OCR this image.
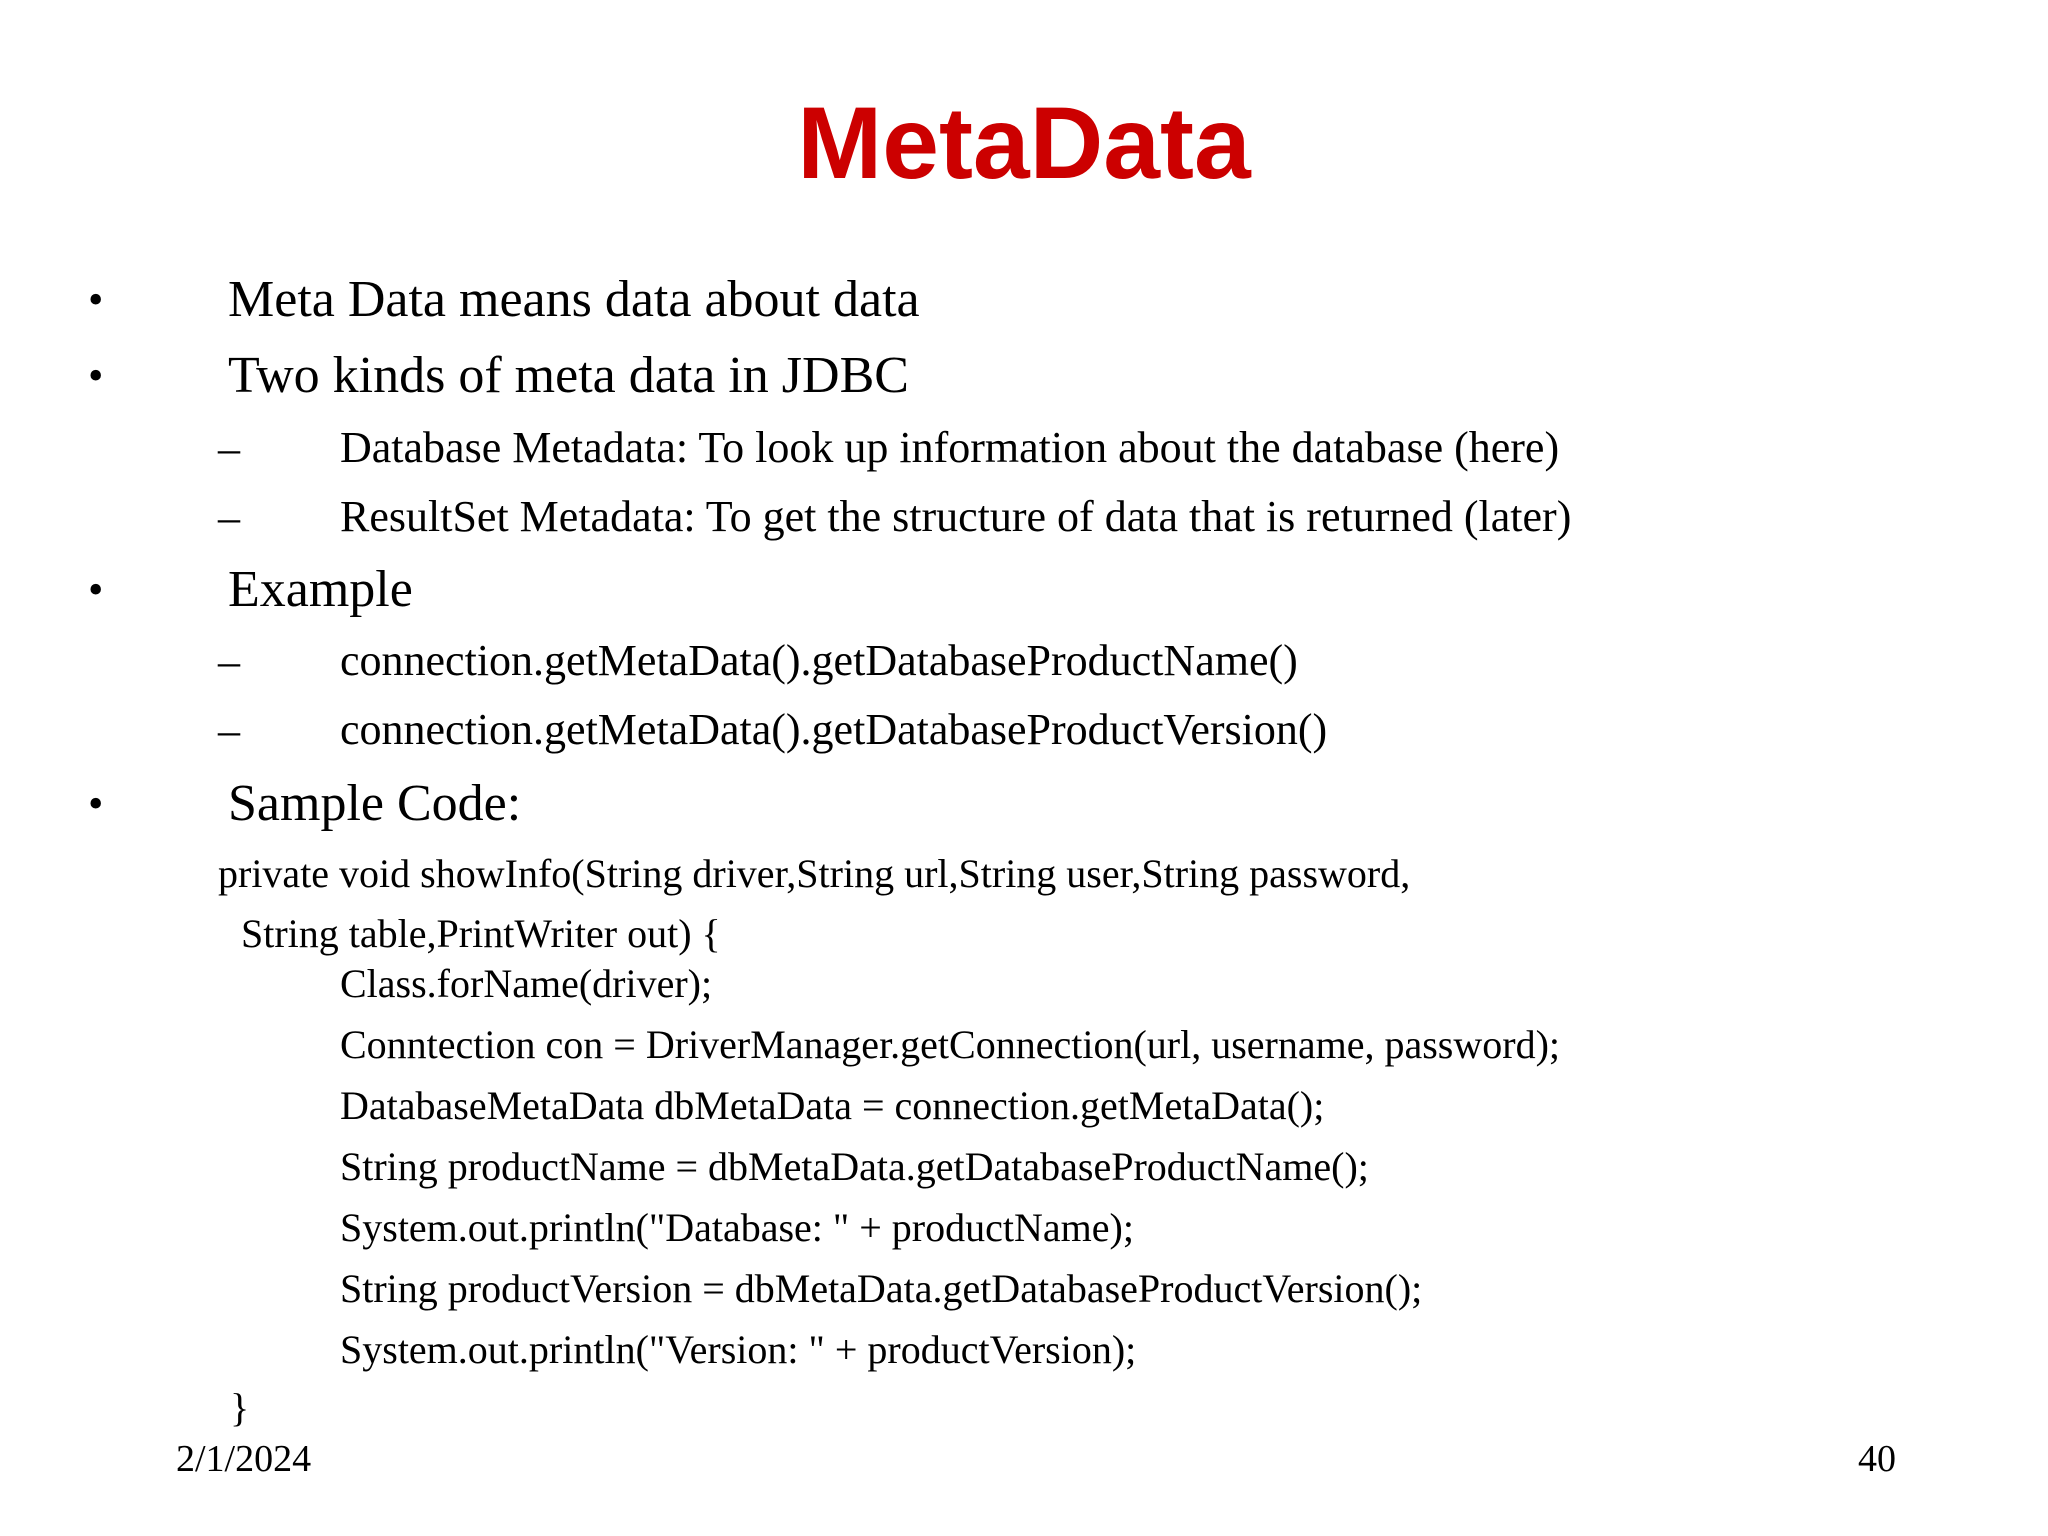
MetaData
• Meta Data means data about data
• Two kinds of meta data in JDBC
– Database Metadata: To look up information about the database (here)
– ResultSet Metadata: To get the structure of data that is returned (later)
• Example
– connection.getMetaData().getDatabaseProductName()
– connection.getMetaData().getDatabaseProductVersion()
• Sample Code:
private void showInfo(String driver,String url,String user,String password,
String table,PrintWriter out) {
Class.forName(driver);
Conntection con = DriverManager.getConnection(url, username, password);
DatabaseMetaData dbMetaData = connection.getMetaData();
String productName = dbMetaData.getDatabaseProductName();
System.out.println("Database: " + productName);
String productVersion = dbMetaData.getDatabaseProductVersion();
System.out.println("Version: " + productVersion);
}
2/1/2024	40
